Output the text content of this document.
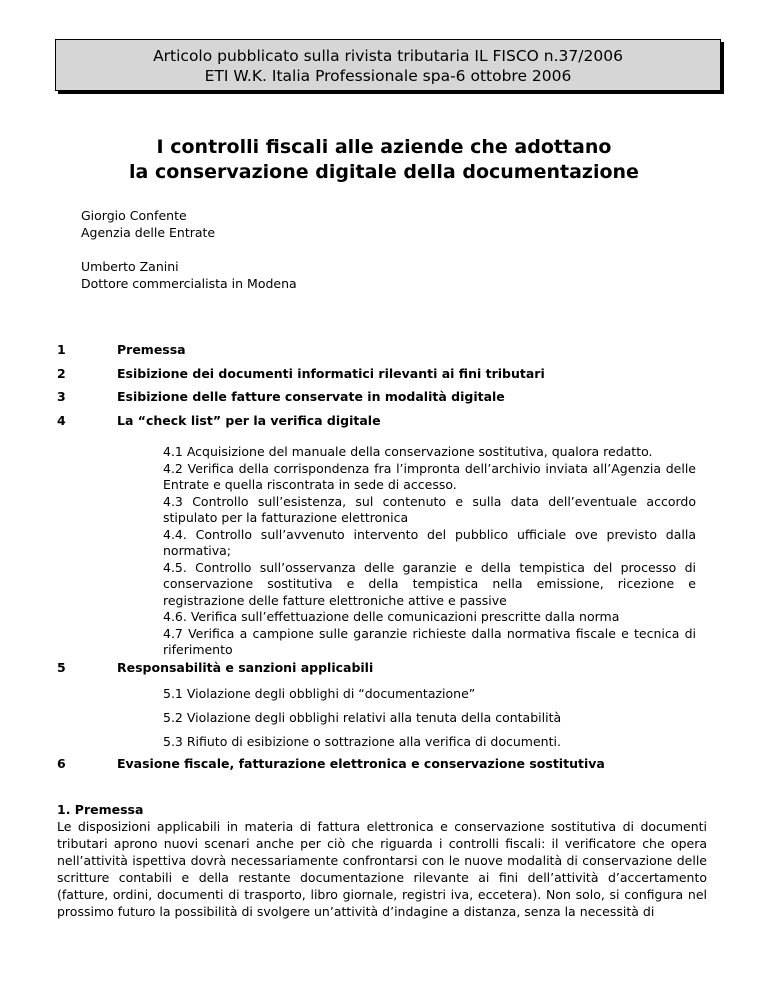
Articolo pubblicato sulla rivista tributaria IL FISCO n.37/2006
ETI W.K. Italia Professionale spa-6 ottobre 2006
I controlli fiscali alle aziende che adottano
la conservazione digitale della documentazione
Giorgio Confente
Agenzia delle Entrate
Umberto Zanini
Dottore commercialista in Modena
1	Premessa
2	Esibizione dei documenti informatici rilevanti ai fini tributari
3	Esibizione delle fatture conservate in modalità digitale
4	La “check list” per la verifica digitale

4.1 Acquisizione del manuale della conservazione sostitutiva, qualora redatto.

4.2 Verifica della corrispondenza fra l’impronta dell’archivio inviata all’Agenzia delle Entrate e quella riscontrata in sede di accesso.

4.3 Controllo sull’esistenza, sul contenuto e sulla data dell’eventuale accordo stipulato per la fatturazione elettronica

4.4. Controllo sull’avvenuto intervento del pubblico ufficiale ove previsto dalla normativa;

4.5. Controllo sull’osservanza delle garanzie e della tempistica del processo di conservazione sostitutiva e della tempistica nella emissione, ricezione e registrazione delle fatture elettroniche attive e passive

4.6. Verifica sull’effettuazione delle comunicazioni prescritte dalla norma

4.7 Verifica a campione sulle garanzie richieste dalla normativa fiscale e tecnica di riferimento

5	Responsabilità e sanzioni applicabili
5.1 Violazione degli obblighi di “documentazione”
5.2 Violazione degli obblighi relativi alla tenuta della contabilità
5.3 Rifiuto di esibizione o sottrazione alla verifica di documenti.
6	Evasione fiscale, fatturazione elettronica e conservazione sostitutiva
1. Premessa

Le disposizioni applicabili in materia di fattura elettronica e conservazione sostitutiva di documenti tributari aprono nuovi scenari anche per ciò che riguarda i controlli fiscali: il verificatore che opera nell’attività ispettiva dovrà necessariamente confrontarsi con le nuove modalità di conservazione delle scritture contabili e della restante documentazione rilevante ai fini dell’attività d’accertamento (fatture, ordini, documenti di trasporto, libro giornale, registri iva, eccetera). Non solo, si configura nel prossimo futuro la possibilità di svolgere un’attività d’indagine a distanza, senza la necessità di
